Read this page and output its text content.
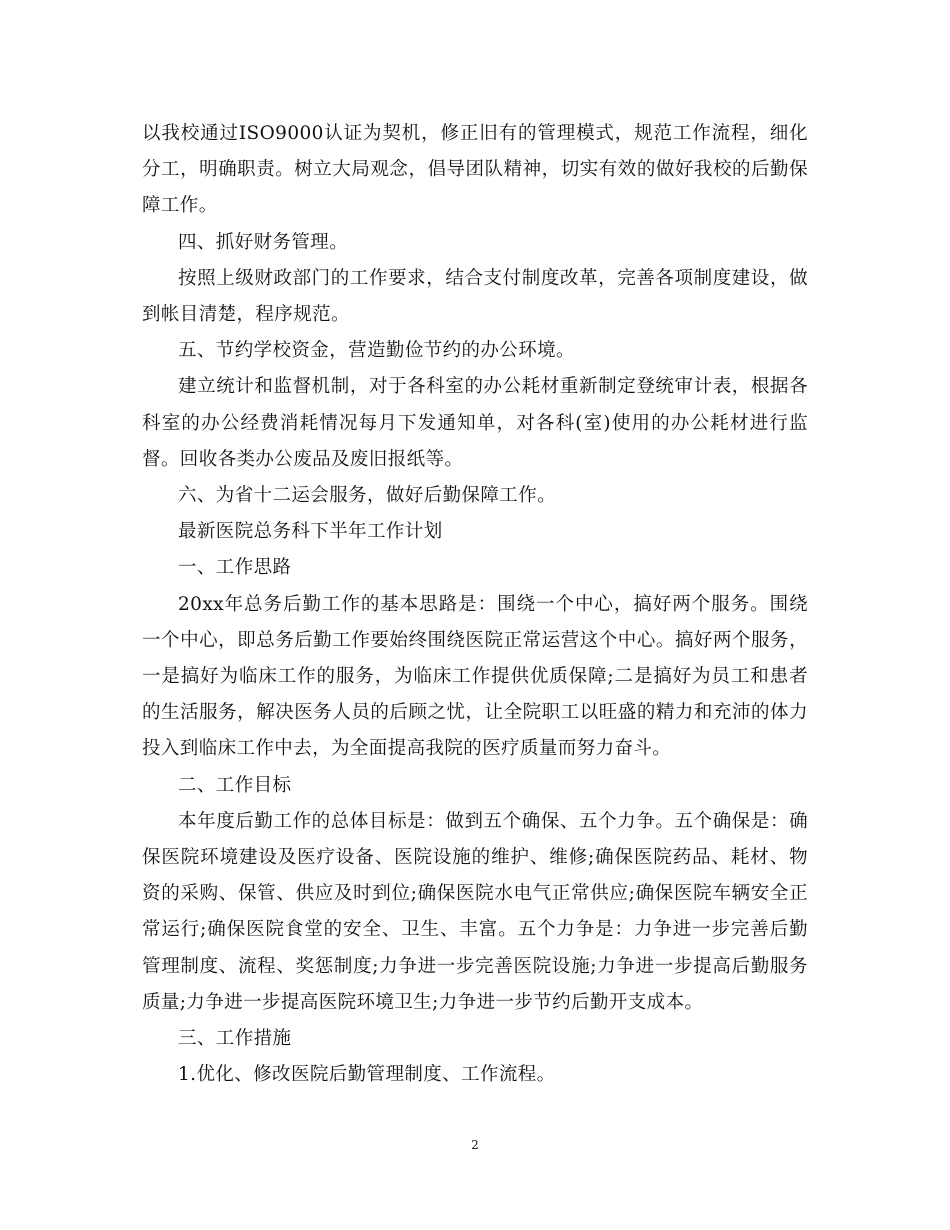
以我校通过ISO9000认证为契机，修正旧有的管理模式，规范工作流程，细化分工，明确职责。树立大局观念，倡导团队精神，切实有效的做好我校的后勤保障工作。

四、抓好财务管理。

按照上级财政部门的工作要求，结合支付制度改革，完善各项制度建设，做到帐目清楚，程序规范。

五、节约学校资金，营造勤俭节约的办公环境。

建立统计和监督机制，对于各科室的办公耗材重新制定登统审计表，根据各科室的办公经费消耗情况每月下发通知单，对各科(室)使用的办公耗材进行监督。回收各类办公废品及废旧报纸等。

六、为省十二运会服务，做好后勤保障工作。

最新医院总务科下半年工作计划

一、工作思路

20xx年总务后勤工作的基本思路是：围绕一个中心，搞好两个服务。围绕一个中心，即总务后勤工作要始终围绕医院正常运营这个中心。搞好两个服务，一是搞好为临床工作的服务，为临床工作提供优质保障;二是搞好为员工和患者的生活服务，解决医务人员的后顾之忧，让全院职工以旺盛的精力和充沛的体力投入到临床工作中去，为全面提高我院的医疗质量而努力奋斗。

二、工作目标

本年度后勤工作的总体目标是：做到五个确保、五个力争。五个确保是：确保医院环境建设及医疗设备、医院设施的维护、维修;确保医院药品、耗材、物资的采购、保管、供应及时到位;确保医院水电气正常供应;确保医院车辆安全正常运行;确保医院食堂的安全、卫生、丰富。五个力争是：力争进一步完善后勤管理制度、流程、奖惩制度;力争进一步完善医院设施;力争进一步提高后勤服务质量;力争进一步提高医院环境卫生;力争进一步节约后勤开支成本。

三、工作措施

1.优化、修改医院后勤管理制度、工作流程。

2
